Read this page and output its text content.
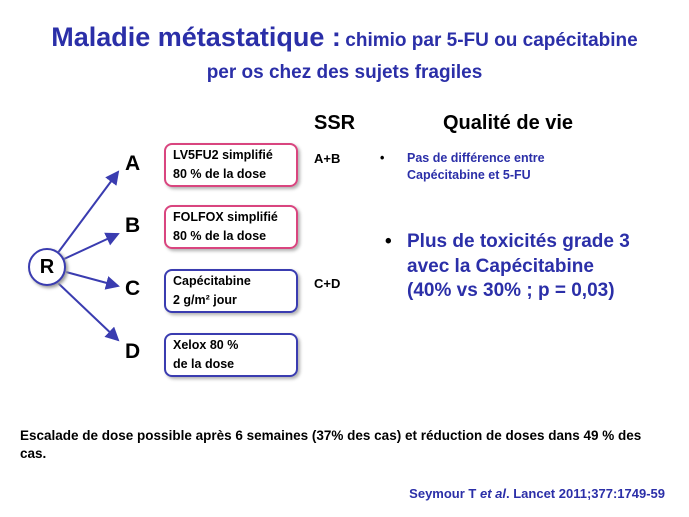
Maladie métastatique : chimio par 5-FU ou capécitabine
per os chez des sujets fragiles
SSR	Qualité de vie
R
A
B
C
D
LV5FU2 simplifié
80 % de la dose
FOLFOX simplifié
80 % de la dose
Capécitabine
2 g/m² jour
Xelox 80 %
de la dose
A+B
C+D
•	Pas de différence entre Capécitabine et 5-FU
• Plus de toxicités grade 3 avec la Capécitabine (40% vs 30% ; p = 0,03)
Escalade de dose possible après 6 semaines (37% des cas) et réduction de doses dans 49 % des cas.
Seymour T et al. Lancet 2011;377:1749-59
